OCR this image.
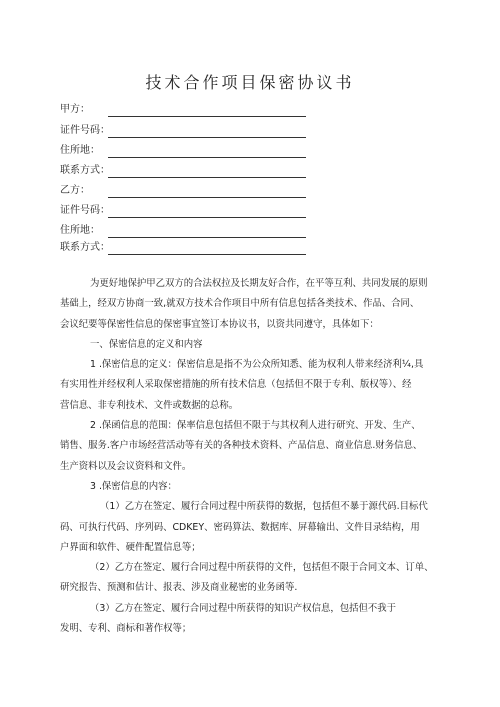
技术合作项目保密协议书
甲方：
证件号码：
住所地：
联系方式：
乙方：
证件号码：
住所地：
联系方式：
为更好地保护甲乙双方的合法权拉及长期友好合作，在平等互利、共同发展的原则
基础上，经双方协商一致,就双方技术合作项目中所有信息包括各类技术、作品、合同、
会议纪要等保密性信息的保密事宜签订本协议书，以资共同遵守，具体如下：
一、保密信息的定义和内容
1 .保密信息的定义：保密信息是指不为公众所知悉、能为权利人带来经济利¼,具
有实用性并经权利人采取保密措施的所有技术信息（包括但不限于专利、版权等）、经
营信息、非专利技术、文件或数据的总称。
2 .保函信息的范围：保率信息包括但不限于与其权利人进行研究、开发、生产、
销售、服务.客户市场经营活动等有关的各种技术资料、产品信息、商业信息.财务信息、
生产资料以及会议资料和文件。
3 .保密信息的内容：
（1）乙方在签定、履行合同过程中所获得的数据，包括但不暴于源代码.目标代
码、可执行代码、序列码、CDKEY、密码算法、数据库、屏幕输出、文件目录结构，用
户界面和软件、硬件配置信息等；
（2）乙方在签定、履行合同过程中所获得的文件，包括但不限于合同文本、订单、
研究报告、预测和估计、报表、涉及商业秘密的业务函等.
（3）乙方在签定、履行合同过程中所获得的知识产权信息，包括但不我于
发明、专利、商标和著作权等；
